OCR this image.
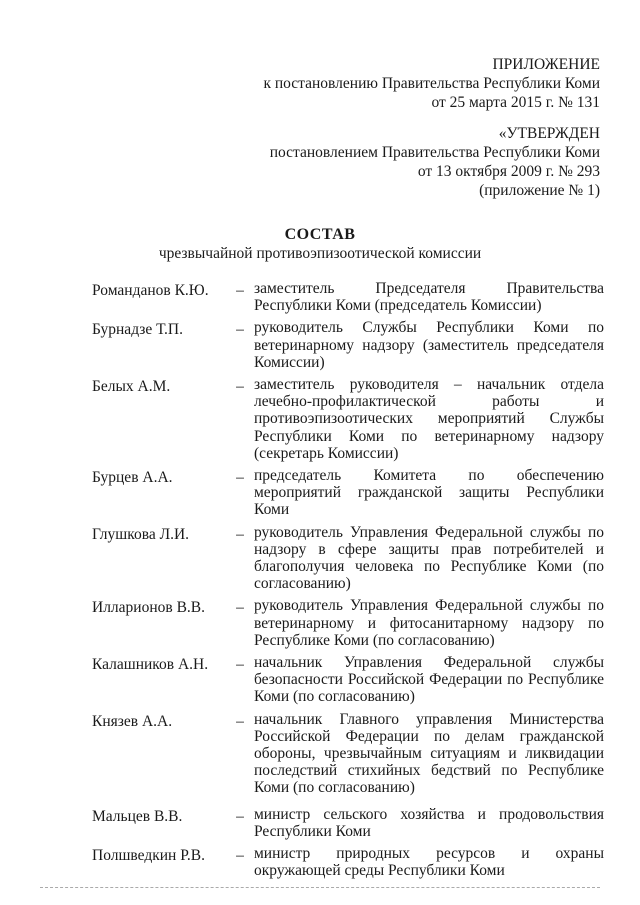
ПРИЛОЖЕНИЕ
к постановлению Правительства Республики Коми
от 25 марта 2015 г. № 131
«УТВЕРЖДЕН
постановлением Правительства Республики Коми
от 13 октября 2009 г. № 293
(приложение № 1)
СОСТАВ
чрезвычайной противоэпизоотической комиссии
Романданов К.Ю.	– заместитель Председателя Правительства Республики Коми (председатель Комиссии)
Бурнадзе Т.П.	– руководитель Службы Республики Коми по ветеринарному надзору (заместитель председателя Комиссии)
Белых А.М.	– заместитель руководителя – начальник отдела лечебно-профилактической работы и противоэпизоотических мероприятий Службы Республики Коми по ветеринарному надзору (секретарь Комиссии)
Бурцев А.А.	– председатель Комитета по обеспечению мероприятий гражданской защиты Республики Коми
Глушкова Л.И.	– руководитель Управления Федеральной службы по надзору в сфере защиты прав потребителей и благополучия человека по Республике Коми (по согласованию)
Илларионов В.В.	– руководитель Управления Федеральной службы по ветеринарному и фитосанитарному надзору по Республике Коми (по согласованию)
Калашников А.Н.	– начальник Управления Федеральной службы безопасности Российской Федерации по Республике Коми (по согласованию)
Князев А.А.	– начальник Главного управления Министерства Российской Федерации по делам гражданской обороны, чрезвычайным ситуациям и ликвидации последствий стихийных бедствий по Республике Коми (по согласованию)
Мальцев В.В.	– министр сельского хозяйства и продовольствия Республики Коми
Полшведкин Р.В.	– министр природных ресурсов и охраны окружающей среды Республики Коми
